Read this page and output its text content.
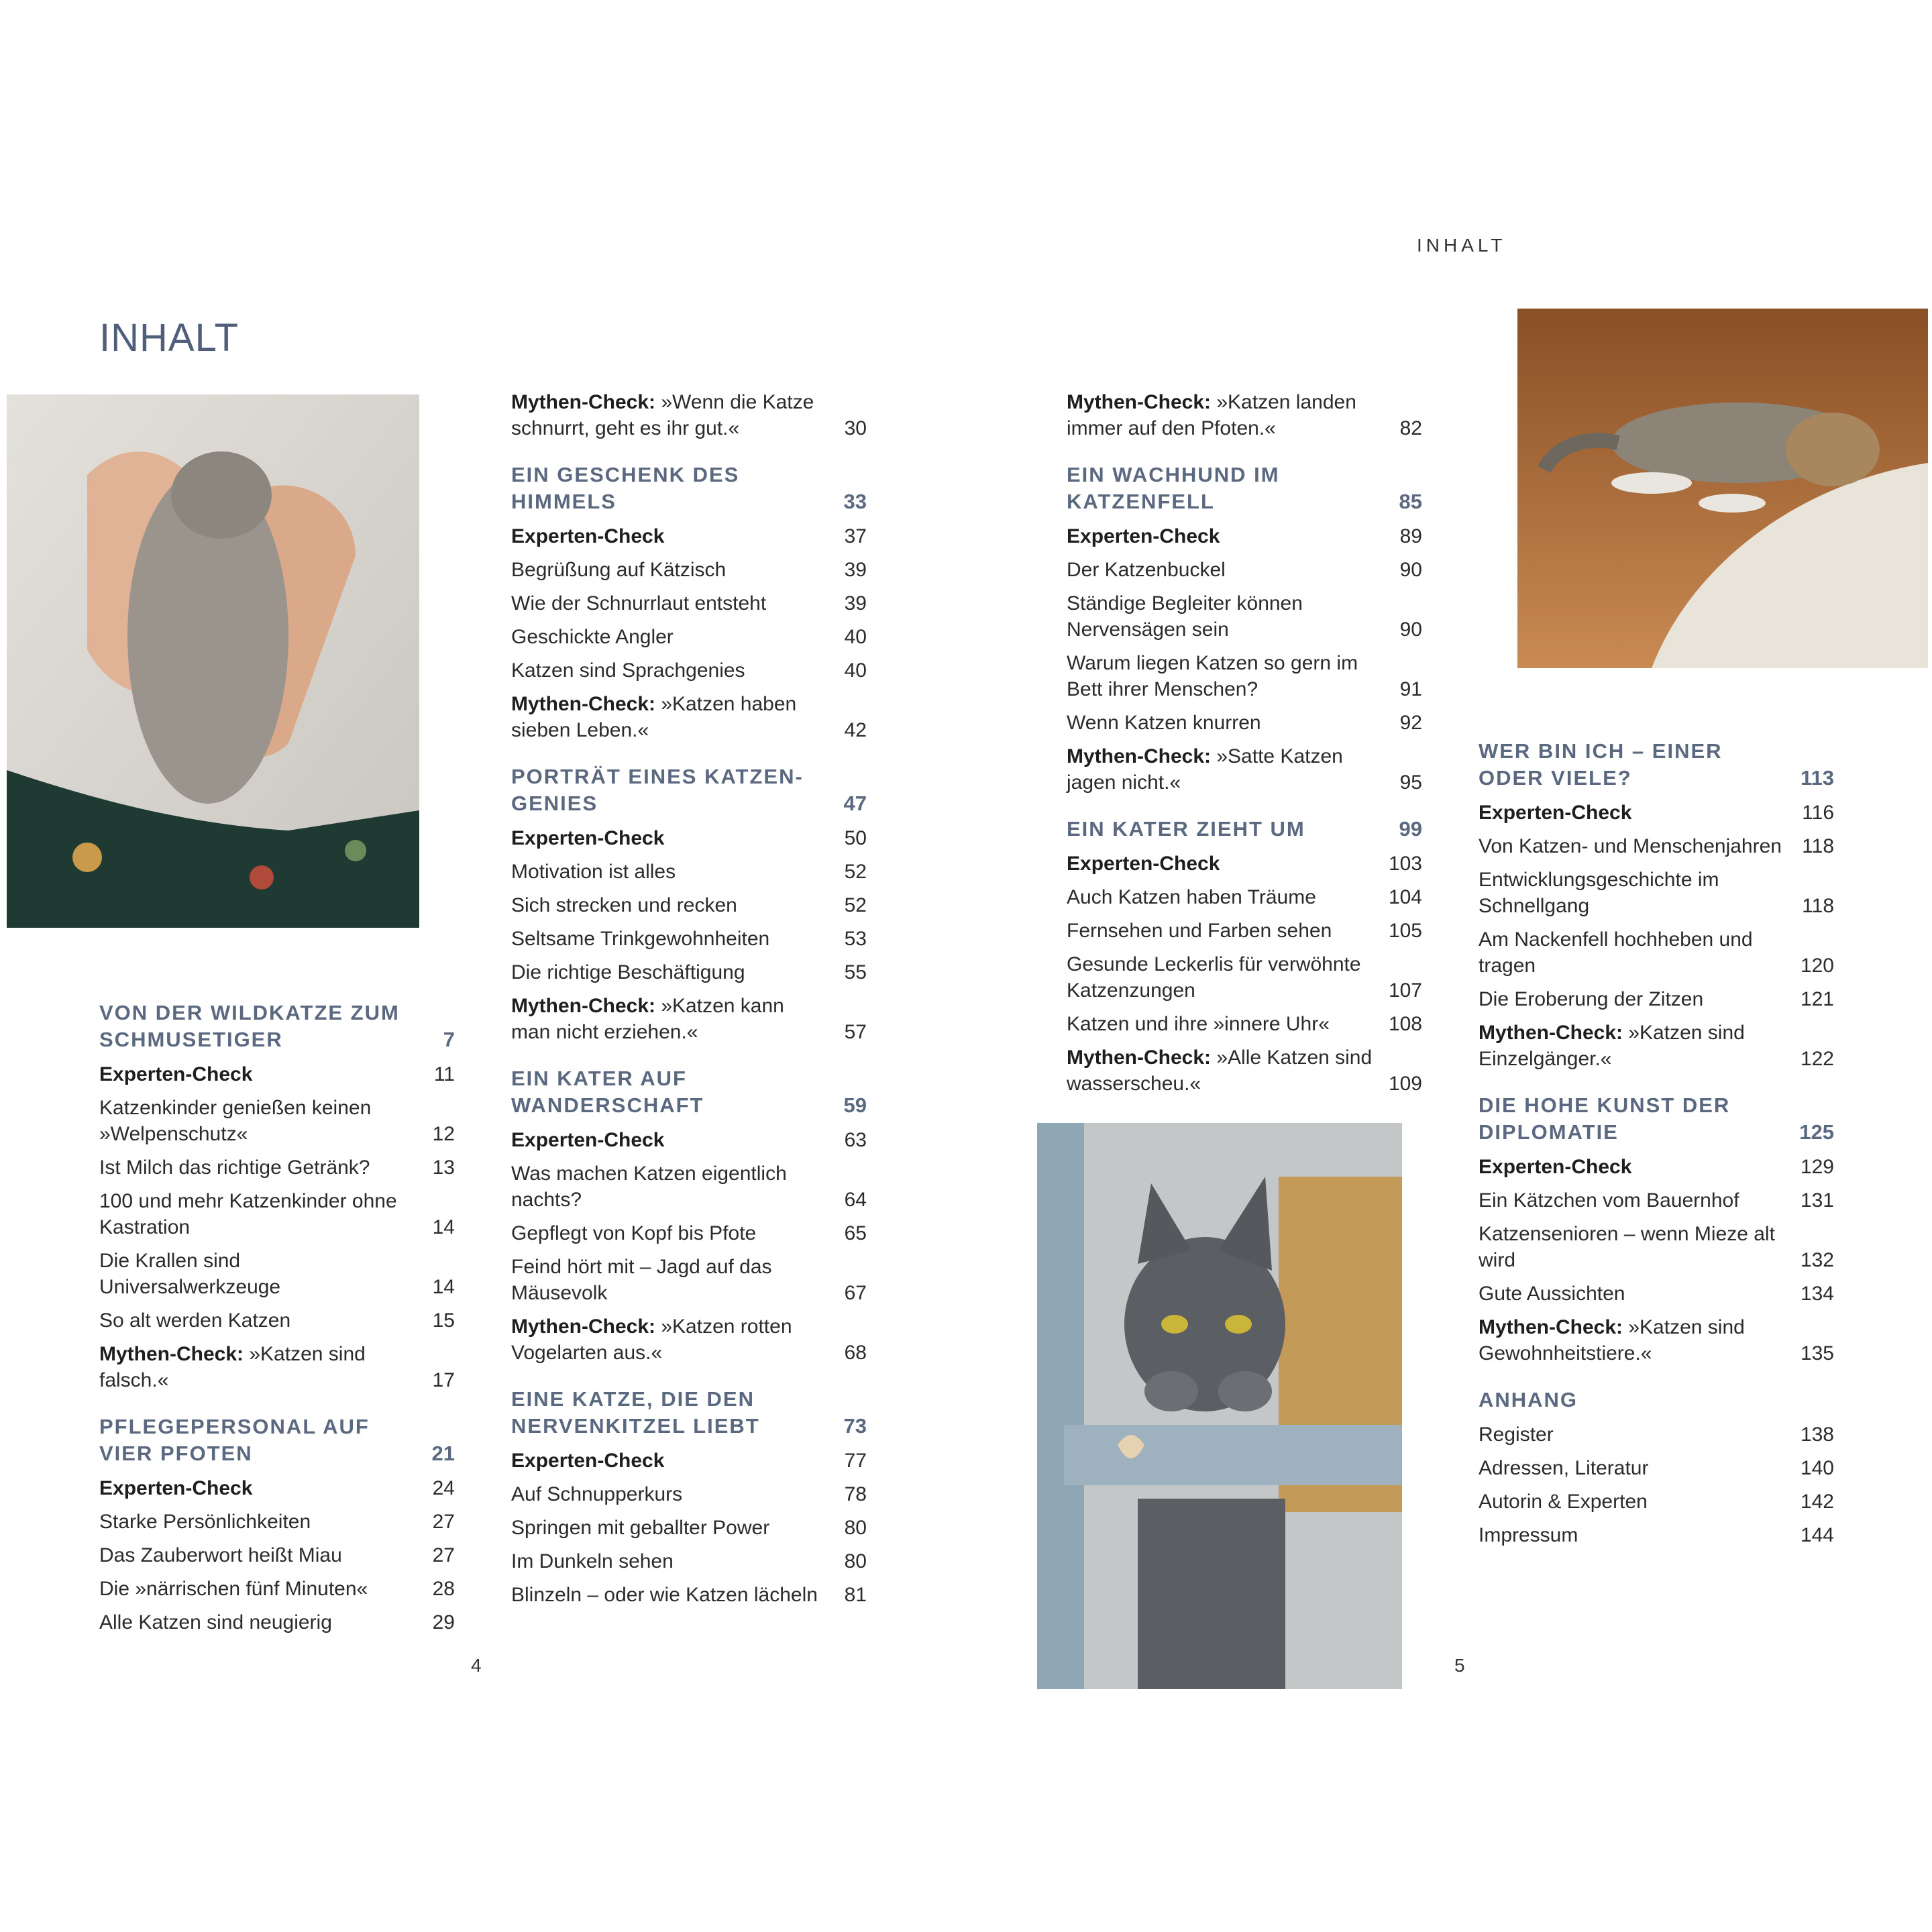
INHALT
INHALT
VON DER WILDKATZE ZUM SCHMUSETIGER	7
Experten-Check	11
Katzenkinder genießen keinen »Welpenschutz«	12
Ist Milch das richtige Getränk?	13
100 und mehr Katzenkinder ohne Kastration	14
Die Krallen sind Universalwerkzeuge	14
So alt werden Katzen	15
Mythen-Check: »Katzen sind falsch.«	17
PFLEGEPERSONAL AUF VIER PFOTEN	21
Experten-Check	24
Starke Persönlichkeiten	27
Das Zauberwort heißt Miau	27
Die »närrischen fünf Minuten«	28
Alle Katzen sind neugierig	29
Mythen-Check: »Wenn die Katze schnurrt, geht es ihr gut.«	30
EIN GESCHENK DES HIMMELS	33
Experten-Check	37
Begrüßung auf Kätzisch	39
Wie der Schnurrlaut entsteht	39
Geschickte Angler	40
Katzen sind Sprachgenies	40
Mythen-Check: »Katzen haben sieben Leben.«	42
PORTRÄT EINES KATZEN-GENIES	47
Experten-Check	50
Motivation ist alles	52
Sich strecken und recken	52
Seltsame Trinkgewohnheiten	53
Die richtige Beschäftigung	55
Mythen-Check: »Katzen kann man nicht erziehen.«	57
EIN KATER AUF WANDERSCHAFT	59
Experten-Check	63
Was machen Katzen eigentlich nachts?	64
Gepflegt von Kopf bis Pfote	65
Feind hört mit – Jagd auf das Mäusevolk	67
Mythen-Check: »Katzen rotten Vogelarten aus.«	68
EINE KATZE, DIE DEN NERVENKITZEL LIEBT	73
Experten-Check	77
Auf Schnupperkurs	78
Springen mit geballter Power	80
Im Dunkeln sehen	80
Blinzeln – oder wie Katzen lächeln 81
4
Mythen-Check: »Katzen landen immer auf den Pfoten.«	82
EIN WACHHUND IM KATZENFELL	85
Experten-Check	89
Der Katzenbuckel	90
Ständige Begleiter können Nervensägen sein	90
Warum liegen Katzen so gern im Bett ihrer Menschen?	91
Wenn Katzen knurren	92
Mythen-Check: »Satte Katzen jagen nicht.«	95
EIN KATER ZIEHT UM	99
Experten-Check	103
Auch Katzen haben Träume	104
Fernsehen und Farben sehen	105
Gesunde Leckerlis für verwöhnte Katzenzungen	107
Katzen und ihre »innere Uhr«	108
Mythen-Check: »Alle Katzen sind wasserscheu.«	109
WER BIN ICH – EINER ODER VIELE?	113
Experten-Check	116
Von Katzen- und Menschenjahren 118
Entwicklungsgeschichte im Schnellgang	118
Am Nackenfell hochheben und tragen	120
Die Eroberung der Zitzen	121
Mythen-Check: »Katzen sind Einzelgänger.«	122
DIE HOHE KUNST DER DIPLOMATIE	125
Experten-Check	129
Ein Kätzchen vom Bauernhof	131
Katzensenioren – wenn Mieze alt wird	132
Gute Aussichten	134
Mythen-Check: »Katzen sind Gewohnheitstiere.«	135
ANHANG
Register	138
Adressen, Literatur	140
Autorin & Experten	142
Impressum	144
5
